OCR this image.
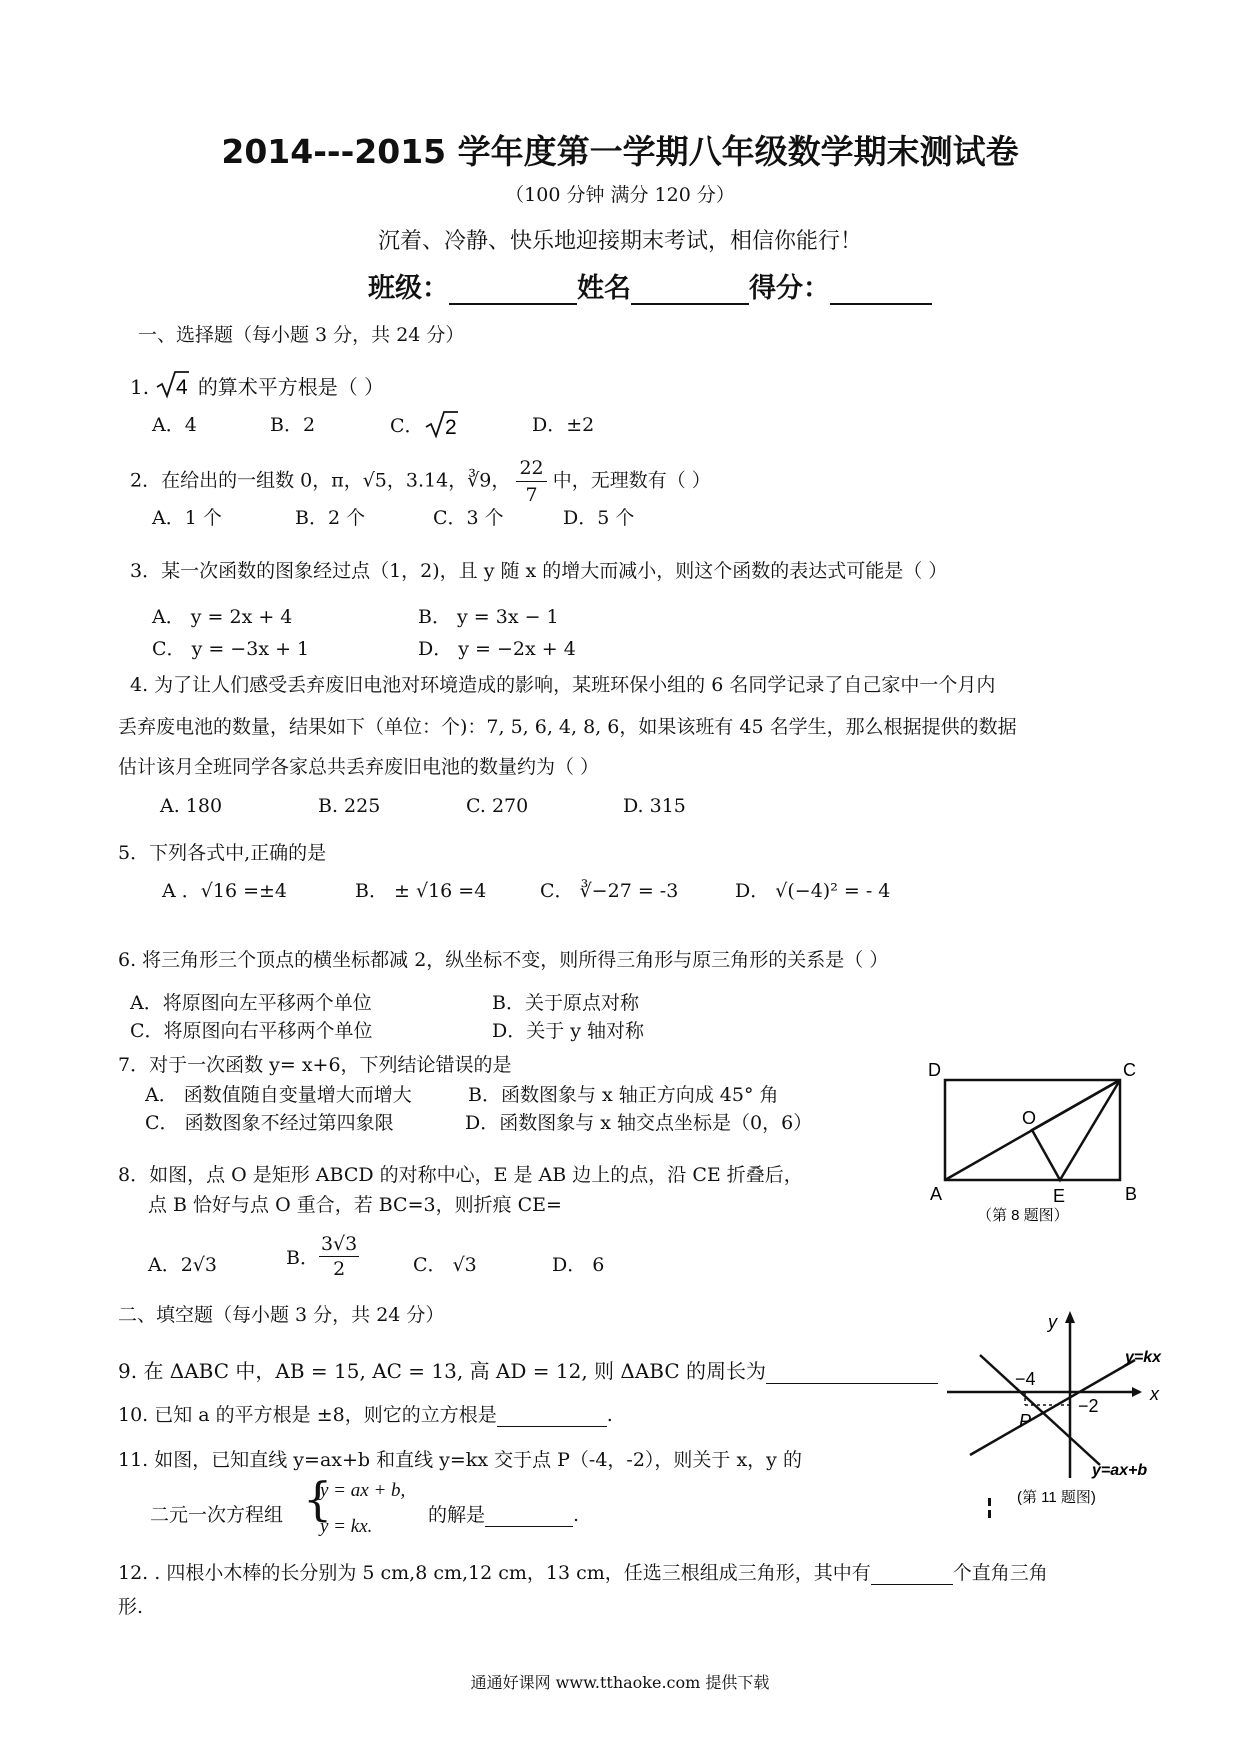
2014---2015 学年度第一学期八年级数学期末测试卷
（100 分钟 满分 120 分）
沉着、冷静、快乐地迎接期末考试，相信你能行！
班级：	姓名	得分：
一、选择题（每小题 3 分，共 24 分）
1. 4 的算术平方根是（ ）
A．4	B．2	C． 2	D．±2
2．在给出的一组数 0，π，√5，3.14，∛9， $\frac{22}{7}$ 中，无理数有（ ）
A．1 个	B．2 个	C．3 个	D．5 个
3．某一次函数的图象经过点（1，2)，且 y 随 x 的增大而减小，则这个函数的表达式可能是（ ）
A． y = 2x + 4	B． y = 3x − 1
C． y = −3x + 1	D． y = −2x + 4
4. 为了让人们感受丢弃废旧电池对环境造成的影响，某班环保小组的 6 名同学记录了自己家中一个月内
丢弃废电池的数量，结果如下（单位：个)：7, 5, 6, 4, 8, 6，如果该班有 45 名学生，那么根据提供的数据
估计该月全班同学各家总共丢弃废旧电池的数量约为（ ）
A. 180	B. 225	C. 270	D. 315
5．下列各式中,正确的是
A ．√16 =±4	B． ± √16 =4	C． ∛−27 = -3	D． √(−4)² = - 4
6. 将三角形三个顶点的横坐标都减 2，纵坐标不变，则所得三角形与原三角形的关系是（ ）
A．将原图向左平移两个单位	B．关于原点对称
C．将原图向右平移两个单位	D．关于 y 轴对称
7．对于一次函数 y= x+6，下列结论错误的是
A． 函数值随自变量增大而增大	B．函数图象与 x 轴正方向成 45° 角
C． 函数图象不经过第四象限	D．函数图象与 x 轴交点坐标是（0，6）
8．如图，点 O 是矩形 ABCD 的对称中心，E 是 AB 边上的点，沿 CE 折叠后，
点 B 恰好与点 O 重合，若 BC=3，则折痕 CE=
A．2√3	B． $\frac{3√3}{2}$	C． √3	D． 6
D	C
O
A	E	B
（第 8 题图）
二、填空题（每小题 3 分，共 24 分）
9. 在 ΔABC 中，AB = 15, AC = 13, 高 AD = 12, 则 ΔABC 的周长为
10. 已知 a 的平方根是 ±8，则它的立方根是	.
11. 如图，已知直线 y=ax+b 和直线 y=kx 交于点 P（-4，-2），则关于 x，y 的
二元一次方程组 {
y = ax + b,
y = kx.
的解是	.
y
x
y=kx
y=ax+b
−4
−2
P
(第 11 题图)
12. . 四根小木棒的长分别为 5 cm,8 cm,12 cm，13 cm，任选三根组成三角形，其中有	个直角三角
形.
通通好课网 www.tthaoke.com 提供下载
